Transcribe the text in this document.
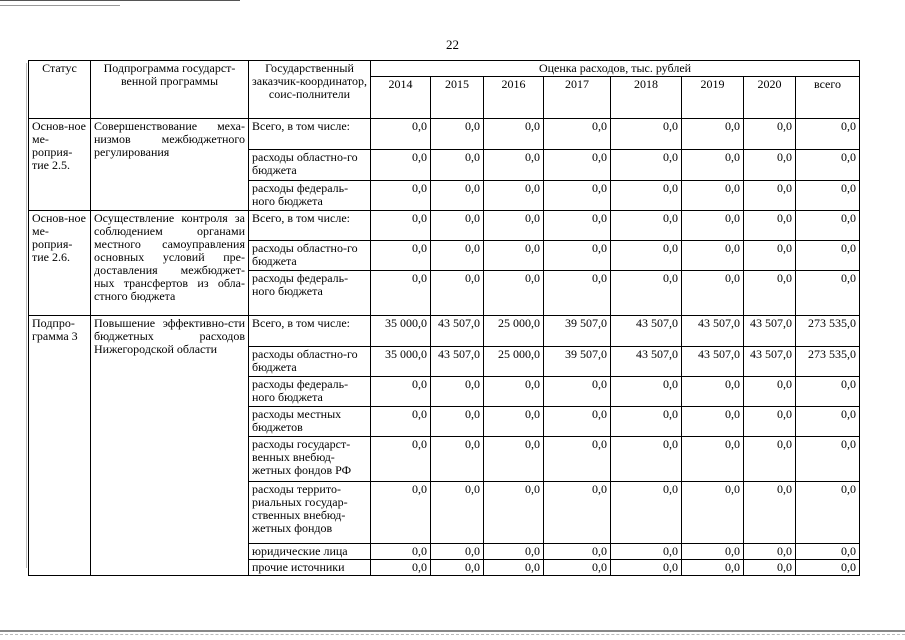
22
Статус	Подпрограмма государст-венной программы	Государственный заказчик-координатор, соис-полнители	Оценка расходов, тыс. рублей							
			2014	2015	2016	2017	2018	2019	2020	всего
Основ-ное ме-роприя-тие 2.5.	Совершенствование меха-низмов межбюджетного регулирования	Всего, в том числе:	0,0	0,0	0,0	0,0	0,0	0,0	0,0	0,0
		расходы областно-го бюджета	0,0	0,0	0,0	0,0	0,0	0,0	0,0	0,0
		расходы федераль-ного бюджета	0,0	0,0	0,0	0,0	0,0	0,0	0,0	0,0
Основ-ное ме-роприя-тие 2.6.	Осуществление контроля за соблюдением органами местного самоуправления основных условий пре-доставления межбюджет-ных трансфертов из обла-стного бюджета	Всего, в том числе:	0,0	0,0	0,0	0,0	0,0	0,0	0,0	0,0
		расходы областно-го бюджета	0,0	0,0	0,0	0,0	0,0	0,0	0,0	0,0
		расходы федераль-ного бюджета	0,0	0,0	0,0	0,0	0,0	0,0	0,0	0,0
Подпро-грамма 3	Повышение эффективно-сти бюджетных расходов Нижегородской области	Всего, в том числе:	35 000,0	43 507,0	25 000,0	39 507,0	43 507,0	43 507,0	43 507,0	273 535,0
		расходы областно-го бюджета	35 000,0	43 507,0	25 000,0	39 507,0	43 507,0	43 507,0	43 507,0	273 535,0
		расходы федераль-ного бюджета	0,0	0,0	0,0	0,0	0,0	0,0	0,0	0,0
		расходы местных бюджетов	0,0	0,0	0,0	0,0	0,0	0,0	0,0	0,0
		расходы государст-венных внебюд-жетных фондов РФ	0,0	0,0	0,0	0,0	0,0	0,0	0,0	0,0
		расходы террито-риальных государ-ственных внебюд-жетных фондов	0,0	0,0	0,0	0,0	0,0	0,0	0,0	0,0
		юридические лица	0,0	0,0	0,0	0,0	0,0	0,0	0,0	0,0
		прочие источники	0,0	0,0	0,0	0,0	0,0	0,0	0,0	0,0
